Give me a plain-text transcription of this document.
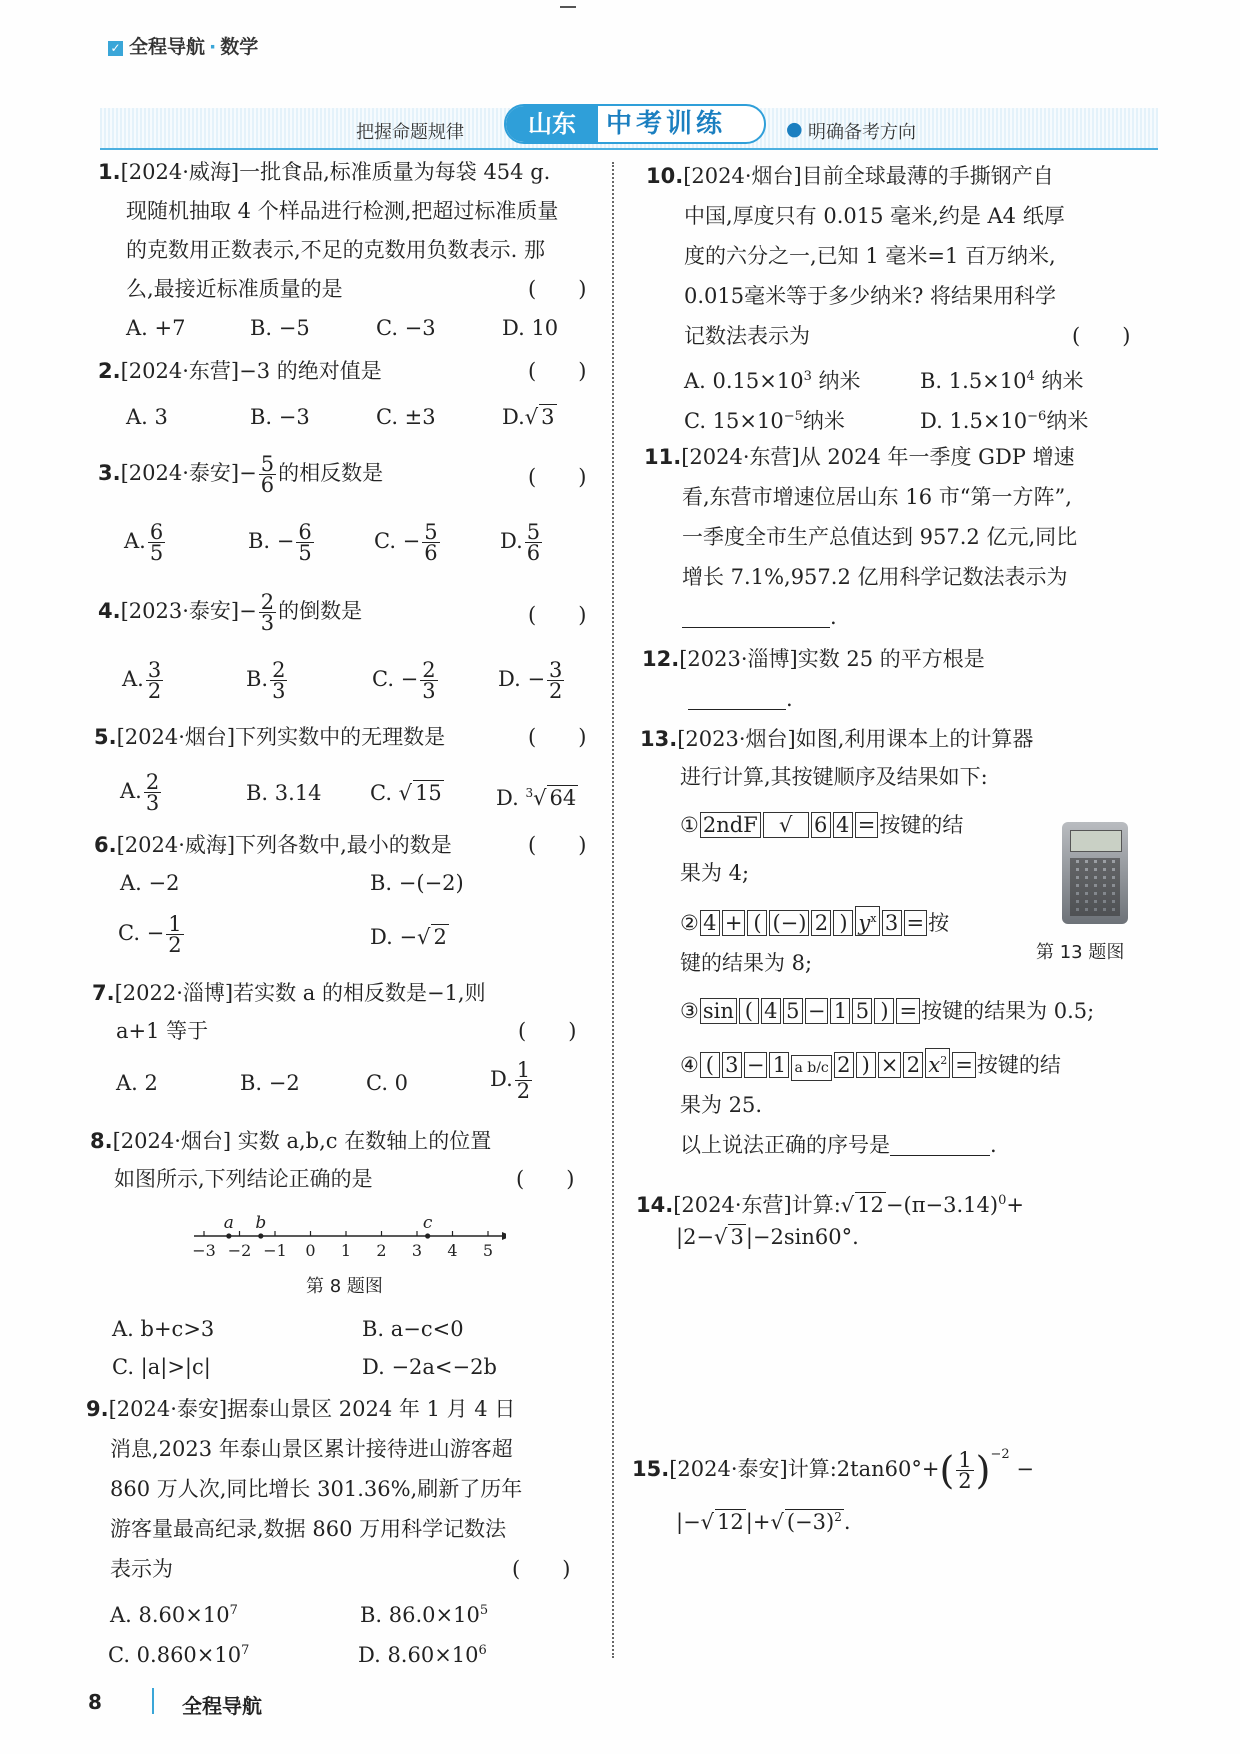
✓ 全程导航 · 数学
把握命题规律	山东	中考训练	● 明确备考方向
1.[2024·威海]一批食品,标准质量为每袋 454 g.
现随机抽取 4 个样品进行检测,把超过标准质量
的克数用正数表示,不足的克数用负数表示. 那
么,最接近标准质量的是	(　　)
A. +7	B. −5	C. −3	D. 10
2.[2024·东营]−3 的绝对值是	(　　)
A. 3	B. −3	C. ±3	D.√ 3
3.[2024·泰安]− $\frac{5}{6}$ 的相反数是	(　　)
A. $\frac{6}{5}$	B. − $\frac{6}{5}$	C. − $\frac{5}{6}$	D. $\frac{5}{6}$
4.[2023·泰安]− $\frac{2}{3}$ 的倒数是	(　　)
A. $\frac{3}{2}$	B. $\frac{2}{3}$	C. − $\frac{2}{3}$	D. − $\frac{3}{2}$
5.[2024·烟台]下列实数中的无理数是	(　　)
A. $\frac{2}{3}$	B. 3.14 C. √ 15	D. $^3$√ 64
6.[2024·威海]下列各数中,最小的数是	(　　)
A. −2	B. −(−2)
C. − $\frac{1}{2}$	D. −√ 2
7.[2022·淄博]若实数 a 的相反数是−1,则
a+1 等于	(　　)
A. 2	B. −2	C. 0	D. $\frac{1}{2}$
8.[2024·烟台] 实数 a,b,c 在数轴上的位置
如图所示,下列结论正确的是	(　　)
−3 −2 −1 0 1 2 3 4 5
a b	c
第 8 题图
A. b+c>3	B. a−c<0
C. |a|>|c|	D. −2a<−2b
9.[2024·泰安]据泰山景区 2024 年 1 月 4 日
消息,2023 年泰山景区累计接待进山游客超
860 万人次,同比增长 301.36%,刷新了历年
游客量最高纪录,数据 860 万用科学记数法
表示为	(　　)
A. $8.60\times 10^7$	B. $86.0\times 10^5$
C. $0.860\times 10^7$	D. $8.60\times 10^6$
10.[2024·烟台]目前全球最薄的手撕钢产自
中国,厚度只有 0.015 毫米,约是 A4 纸厚
度的六分之一,已知 1 毫米=1 百万纳米,
0.015毫米等于多少纳米? 将结果用科学
记数法表示为	(　　)
A. $0.15\times 10^3$ 纳米	B. $1.5\times 10^4$ 纳米
C. $15\times 10^{-5}$纳米	D. $1.5\times 10^{-6}$纳米
11.[2024·东营]从 2024 年一季度 GDP 增速
看,东营市增速位居山东 16 市“第一方阵”,
一季度全市生产总值达到 957.2 亿元,同比
增长 7.1%,957.2 亿用科学记数法表示为
.
12.[2023·淄博]实数 25 的平方根是
.
13.[2023·烟台]如图,利用课本上的计算器
进行计算,其按键顺序及结果如下:
① 2ndF √ 6 4 = 按键的结
果为 4;
② 4 + ( (−) 2 ) $y^x$ 3 = 按
键的结果为 8;	第 13 题图
③ sin ( 4 5 − 1 5 ) = 按键的结果为 0.5;
④ ( 3 − 1 a b/c 2 ) × 2 $x^2$ = 按键的结
果为 25.
以上说法正确的序号是	.
14.[2024·东营]计算:√ $12-(\pi-3.14)^0+$
|2−√ 3|−2sin60°.
15.[2024·泰安]计算:2tan60°+( $\frac{1}{2} )^{-2}$ −
|−√ 12|+√ $(-3)^2$.
8	全程导航
